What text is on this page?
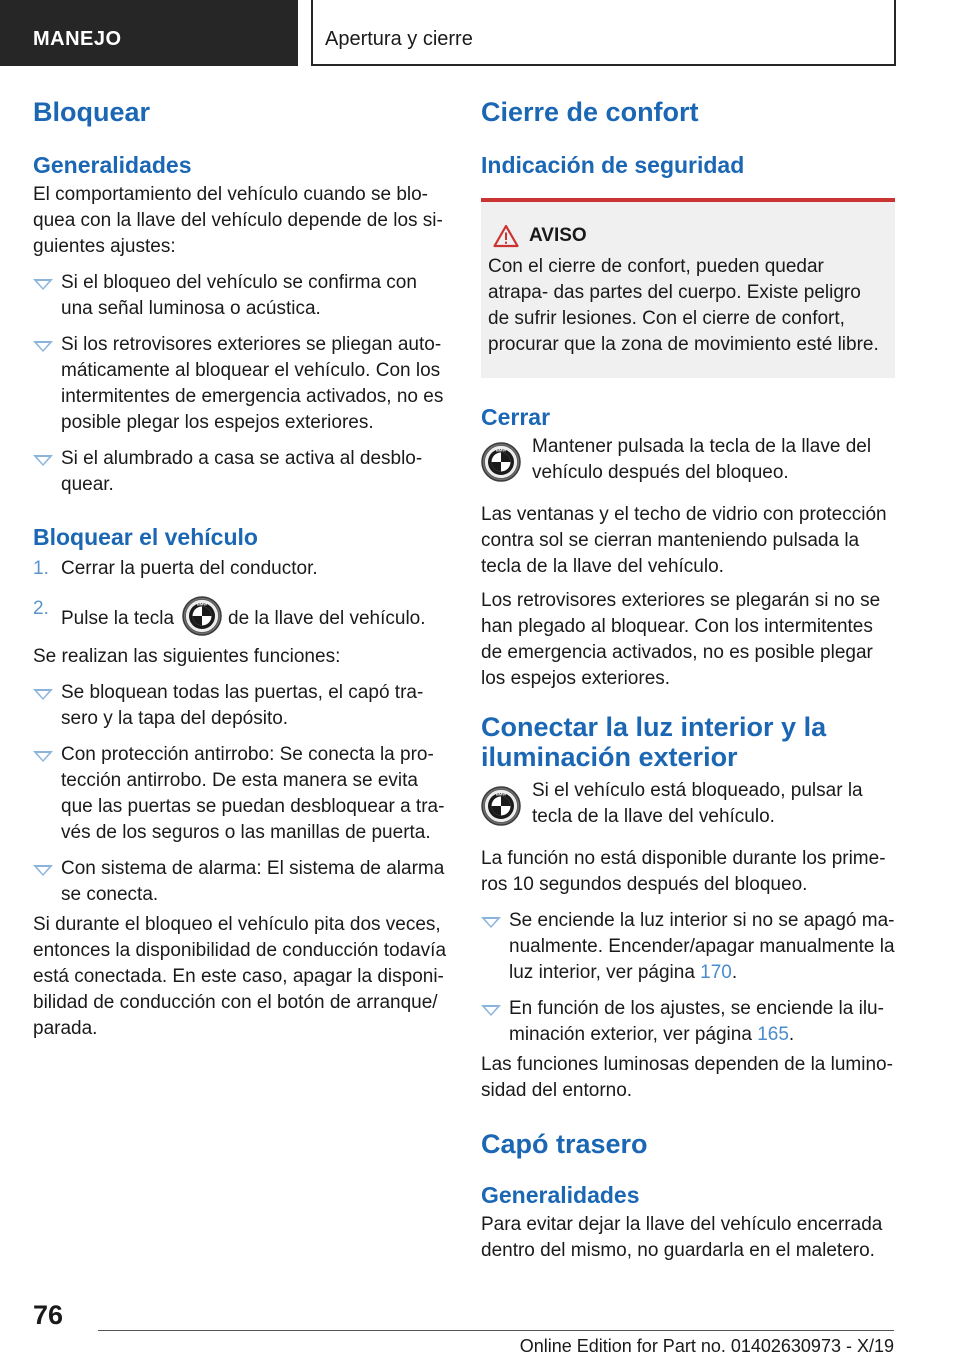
MANEJO	Apertura y cierre
Bloquear
Generalidades

El comportamiento del vehículo cuando se blo‐ quea con la llave del vehículo depende de los si‐ guientes ajustes:

Si el bloqueo del vehículo se confirma con una señal luminosa o acústica.
Si los retrovisores exteriores se pliegan auto‐ máticamente al bloquear el vehículo. Con los intermitentes de emergencia activados, no es posible plegar los espejos exteriores.
Si el alumbrado a casa se activa al desblo‐ quear.
Bloquear el vehículo
1. Cerrar la puerta del conductor.
2. Pulse la tecla	de la llave del vehículo.

Se realizan las siguientes funciones:

Se bloquean todas las puertas, el capó tra‐ sero y la tapa del depósito.
Con protección antirrobo: Se conecta la pro‐ tección antirrobo. De esta manera se evita que las puertas se puedan desbloquear a tra‐ vés de los seguros o las manillas de puerta.
Con sistema de alarma: El sistema de alarma se conecta.

Si durante el bloqueo el vehículo pita dos veces, entonces la disponibilidad de conducción todavía está conectada. En este caso, apagar la disponi‐ bilidad de conducción con el botón de arranque/ parada.

Cierre de confort
Indicación de seguridad
AVISO

Con el cierre de confort, pueden quedar atrapa‐ das partes del cuerpo. Existe peligro de sufrir lesiones. Con el cierre de confort, procurar que la zona de movimiento esté libre.

Cerrar

Mantener pulsada la tecla de la llave del vehículo después del bloqueo.

Las ventanas y el techo de vidrio con protección contra sol se cierran manteniendo pulsada la tecla de la llave del vehículo.

Los retrovisores exteriores se plegarán si no se han plegado al bloquear. Con los intermitentes de emergencia activados, no es posible plegar los espejos exteriores.

Conectar la luz interior y la iluminación exterior

Si el vehículo está bloqueado, pulsar la tecla de la llave del vehículo.

La función no está disponible durante los prime‐ ros 10 segundos después del bloqueo.

Se enciende la luz interior si no se apagó ma‐ nualmente. Encender/apagar manualmente la luz interior, ver página 170.
En función de los ajustes, se enciende la ilu‐ minación exterior, ver página 165.

Las funciones luminosas dependen de la lumino‐ sidad del entorno.

Capó trasero
Generalidades

Para evitar dejar la llave del vehículo encerrada dentro del mismo, no guardarla en el maletero.

76
Online Edition for Part no. 01402630973 - X/19
